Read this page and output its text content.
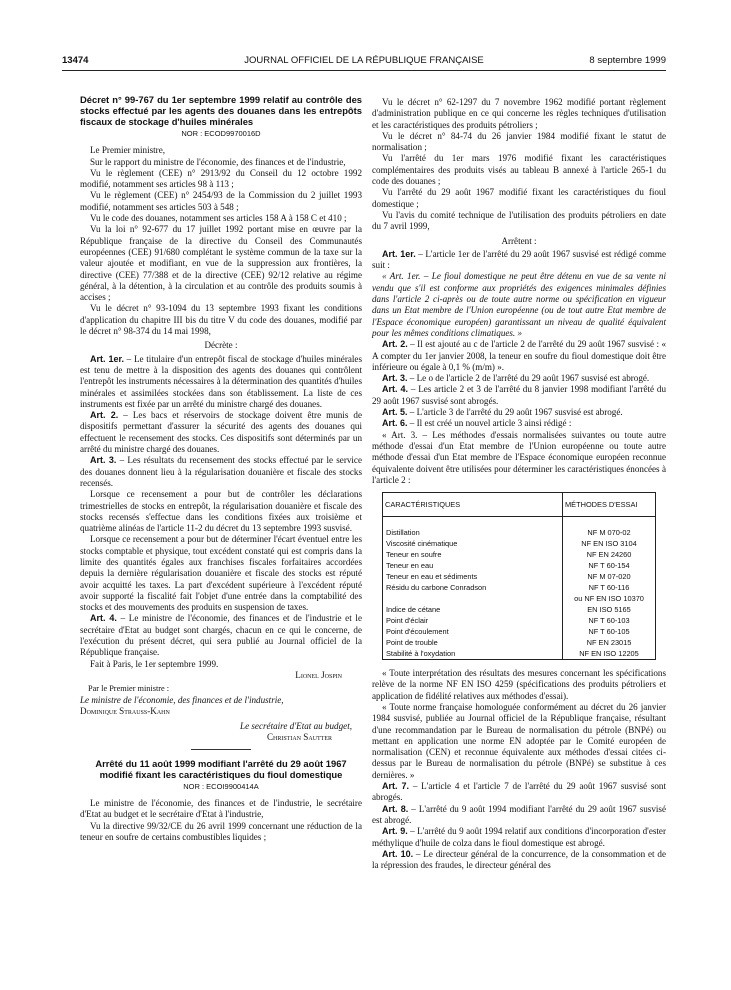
13474	JOURNAL OFFICIEL DE LA RÉPUBLIQUE FRANÇAISE	8 septembre 1999

Décret n° 99-767 du 1er septembre 1999 relatif au contrôle des stocks effectué par les agents des douanes dans les entrepôts fiscaux de stockage d'huiles minérales

NOR : ECOD9970016D

Le Premier ministre,

Sur le rapport du ministre de l'économie, des finances et de l'industrie,

Vu le règlement (CEE) n° 2913/92 du Conseil du 12 octobre 1992 modifié, notamment ses articles 98 à 113 ;

Vu le règlement (CEE) n° 2454/93 de la Commission du 2 juillet 1993 modifié, notamment ses articles 503 à 548 ;

Vu le code des douanes, notamment ses articles 158 A à 158 C et 410 ;

Vu la loi n° 92-677 du 17 juillet 1992 portant mise en œuvre par la République française de la directive du Conseil des Communautés européennes (CEE) 91/680 complétant le système commun de la taxe sur la valeur ajoutée et modifiant, en vue de la suppression aux frontières, la directive (CEE) 77/388 et de la directive (CEE) 92/12 relative au régime général, à la détention, à la circulation et au contrôle des produits soumis à accises ;

Vu le décret n° 93-1094 du 13 septembre 1993 fixant les conditions d'application du chapitre III bis du titre V du code des douanes, modifié par le décret n° 98-374 du 14 mai 1998,

Décrète :

Art. 1er. – Le titulaire d'un entrepôt fiscal de stockage d'huiles minérales est tenu de mettre à la disposition des agents des douanes qui contrôlent l'entrepôt les instruments nécessaires à la détermination des quantités d'huiles minérales et assimilées stockées dans son établissement. La liste de ces instruments est fixée par un arrêté du ministre chargé des douanes.

Art. 2. – Les bacs et réservoirs de stockage doivent être munis de dispositifs permettant d'assurer la sécurité des agents des douanes qui effectuent le recensement des stocks. Ces dispositifs sont déterminés par un arrêté du ministre chargé des douanes.

Art. 3. – Les résultats du recensement des stocks effectué par le service des douanes donnent lieu à la régularisation douanière et fiscale des stocks recensés.

Lorsque ce recensement a pour but de contrôler les déclarations trimestrielles de stocks en entrepôt, la régularisation douanière et fiscale des stocks recensés s'effectue dans les conditions fixées aux troisième et quatrième alinéas de l'article 11-2 du décret du 13 septembre 1993 susvisé.

Lorsque ce recensement a pour but de déterminer l'écart éventuel entre les stocks comptable et physique, tout excédent constaté qui est compris dans la limite des quantités égales aux franchises fiscales forfaitaires accordées depuis la dernière régularisation douanière et fiscale des stocks est réputé avoir acquitté les taxes. La part d'excédent supérieure à l'excédent réputé avoir supporté la fiscalité fait l'objet d'une entrée dans la comptabilité des stocks et des mouvements des produits en suspension de taxes.

Art. 4. – Le ministre de l'économie, des finances et de l'industrie et le secrétaire d'Etat au budget sont chargés, chacun en ce qui le concerne, de l'exécution du présent décret, qui sera publié au Journal officiel de la République française.

Fait à Paris, le 1er septembre 1999.

Lionel Jospin

Par le Premier ministre :

Le ministre de l'économie, des finances et de l'industrie,

Dominique Strauss-Kahn

Le secrétaire d'Etat au budget,

Christian Sautter

Arrêté du 11 août 1999 modifiant l'arrêté du 29 août 1967 modifié fixant les caractéristiques du fioul domestique

NOR : ECOI9900414A

Le ministre de l'économie, des finances et de l'industrie, le secrétaire d'Etat au budget et le secrétaire d'Etat à l'industrie,

Vu la directive 99/32/CE du 26 avril 1999 concernant une réduction de la teneur en soufre de certains combustibles liquides ;

Vu le décret n° 62-1297 du 7 novembre 1962 modifié portant règlement d'administration publique en ce qui concerne les règles techniques d'utilisation et les caractéristiques des produits pétroliers ;

Vu le décret n° 84-74 du 26 janvier 1984 modifié fixant le statut de normalisation ;

Vu l'arrêté du 1er mars 1976 modifié fixant les caractéristiques complémentaires des produits visés au tableau B annexé à l'article 265-1 du code des douanes ;

Vu l'arrêté du 29 août 1967 modifié fixant les caractéristiques du fioul domestique ;

Vu l'avis du comité technique de l'utilisation des produits pétroliers en date du 7 avril 1999,

Arrêtent :

Art. 1er. – L'article 1er de l'arrêté du 29 août 1967 susvisé est rédigé comme suit :

« Art. 1er. – Le fioul domestique ne peut être détenu en vue de sa vente ni vendu que s'il est conforme aux propriétés des exigences minimales définies dans l'article 2 ci-après ou de toute autre norme ou spécification en vigueur dans un Etat membre de l'Union européenne (ou de tout autre Etat membre de l'Espace économique européen) garantissant un niveau de qualité équivalent pour les mêmes conditions climatiques. »

Art. 2. – Il est ajouté au c de l'article 2 de l'arrêté du 29 août 1967 susvisé : « A compter du 1er janvier 2008, la teneur en soufre du fioul domestique doit être inférieure ou égale à 0,1 % (m/m) ».

Art. 3. – Le o de l'article 2 de l'arrêté du 29 août 1967 susvisé est abrogé.

Art. 4. – Les article 2 et 3 de l'arrêté du 8 janvier 1998 modifiant l'arrêté du 29 août 1967 susvisé sont abrogés.

Art. 5. – L'article 3 de l'arrêté du 29 août 1967 susvisé est abrogé.

Art. 6. – Il est créé un nouvel article 3 ainsi rédigé :

« Art. 3. – Les méthodes d'essais normalisées suivantes ou toute autre méthode d'essai d'un Etat membre de l'Union européenne ou toute autre méthode d'essai d'un Etat membre de l'Espace économique européen reconnue équivalente doivent être utilisées pour déterminer les caractéristiques énoncées à l'article 2 :

CARACTÉRISTIQUES	MÉTHODES D'ESSAI
Distillation	NF M 070-02
Viscosité cinématique	NF EN ISO 3104
Teneur en soufre	NF EN 24260
Teneur en eau	NF T 60-154
Teneur en eau et sédiments	NF M 07-020
Résidu du carbone Conradson	NF T 60-116
ou NF EN ISO 10370
Indice de cétane	EN ISO 5165
Point d'éclair	NF T 60-103
Point d'écoulement	NF T 60-105
Point de trouble	NF EN 23015
Stabilité à l'oxydation	NF EN ISO 12205

« Toute interprétation des résultats des mesures concernant les spécifications relève de la norme NF EN ISO 4259 (spécifications des produits pétroliers et application de fidélité relatives aux méthodes d'essai).

« Toute norme française homologuée conformément au décret du 26 janvier 1984 susvisé, publiée au Journal officiel de la République française, résultant d'une recommandation par le Bureau de normalisation du pétrole (BNPé) ou mettant en application une norme EN adoptée par le Comité européen de normalisation (CEN) et reconnue équivalente aux méthodes d'essai citées ci-dessus par le Bureau de normalisation du pétrole (BNPé) se substitue à ces dernières. »

Art. 7. – L'article 4 et l'article 7 de l'arrêté du 29 août 1967 susvisé sont abrogés.

Art. 8. – L'arrêté du 9 août 1994 modifiant l'arrêté du 29 août 1967 susvisé est abrogé.

Art. 9. – L'arrêté du 9 août 1994 relatif aux conditions d'incorporation d'ester méthylique d'huile de colza dans le fioul domestique est abrogé.

Art. 10. – Le directeur général de la concurrence, de la consommation et de la répression des fraudes, le directeur général des
